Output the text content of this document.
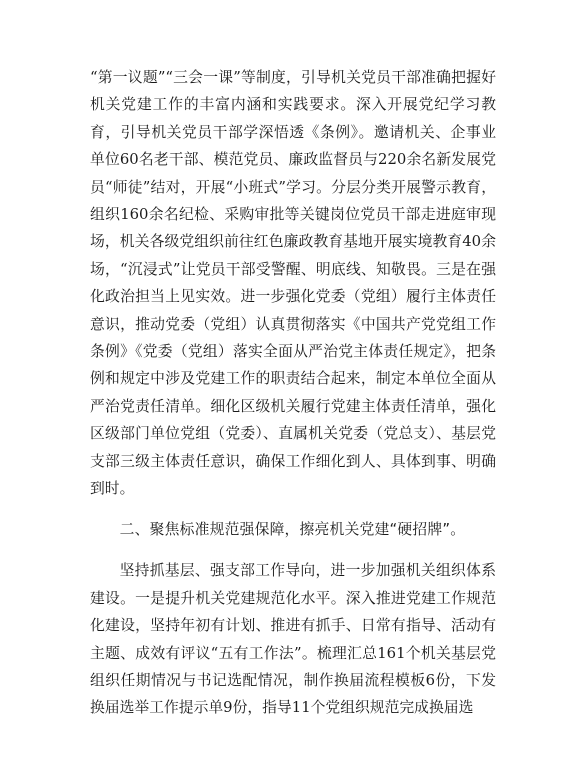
“第一议题”“三会一课”等制度，引导机关党员干部准确把握好机关党建工作的丰富内涵和实践要求。深入开展党纪学习教育，引导机关党员干部学深悟透《条例》。邀请机关、企事业单位60名老干部、模范党员、廉政监督员与220余名新发展党员“师徒”结对，开展“小班式”学习。分层分类开展警示教育，组织160余名纪检、采购审批等关键岗位党员干部走进庭审现场，机关各级党组织前往红色廉政教育基地开展实境教育40余场，“沉浸式”让党员干部受警醒、明底线、知敬畏。三是在强化政治担当上见实效。进一步强化党委（党组）履行主体责任意识，推动党委（党组）认真贯彻落实《中国共产党党组工作条例》《党委（党组）落实全面从严治党主体责任规定》，把条例和规定中涉及党建工作的职责结合起来，制定本单位全面从严治党责任清单。细化区级机关履行党建主体责任清单，强化区级部门单位党组（党委）、直属机关党委（党总支）、基层党支部三级主体责任意识，确保工作细化到人、具体到事、明确到时。

二、聚焦标准规范强保障，擦亮机关党建“硬招牌”。

坚持抓基层、强支部工作导向，进一步加强机关组织体系建设。一是提升机关党建规范化水平。深入推进党建工作规范化建设，坚持年初有计划、推进有抓手、日常有指导、活动有主题、成效有评议“五有工作法”。梳理汇总161个机关基层党组织任期情况与书记选配情况，制作换届流程模板6份，下发换届选举工作提示单9份，指导11个党组织规范完成换届选
